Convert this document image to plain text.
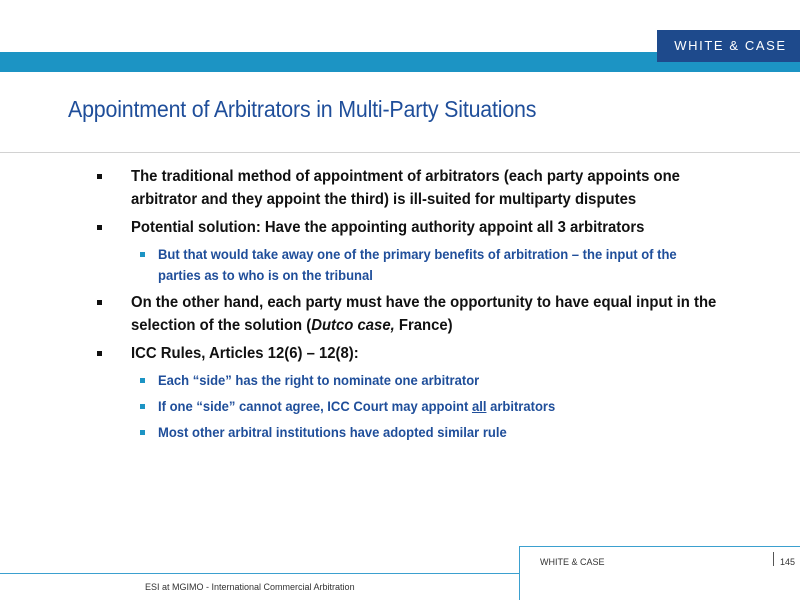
WHITE & CASE
Appointment of Arbitrators in Multi-Party Situations
The traditional method of appointment of arbitrators (each party appoints one arbitrator and they appoint the third) is ill-suited for multiparty disputes
Potential solution: Have the appointing authority appoint all 3 arbitrators
But that would take away one of the primary benefits of arbitration – the input of the parties as to who is on the tribunal
On the other hand, each party must have the opportunity to have equal input in the selection of the solution (Dutco case, France)
ICC Rules, Articles 12(6) – 12(8):
Each “side” has the right to nominate one arbitrator
If one “side” cannot agree, ICC Court may appoint all arbitrators
Most other arbitral institutions have adopted similar rule
WHITE & CASE	145
ESI at MGIMO - International Commercial Arbitration
